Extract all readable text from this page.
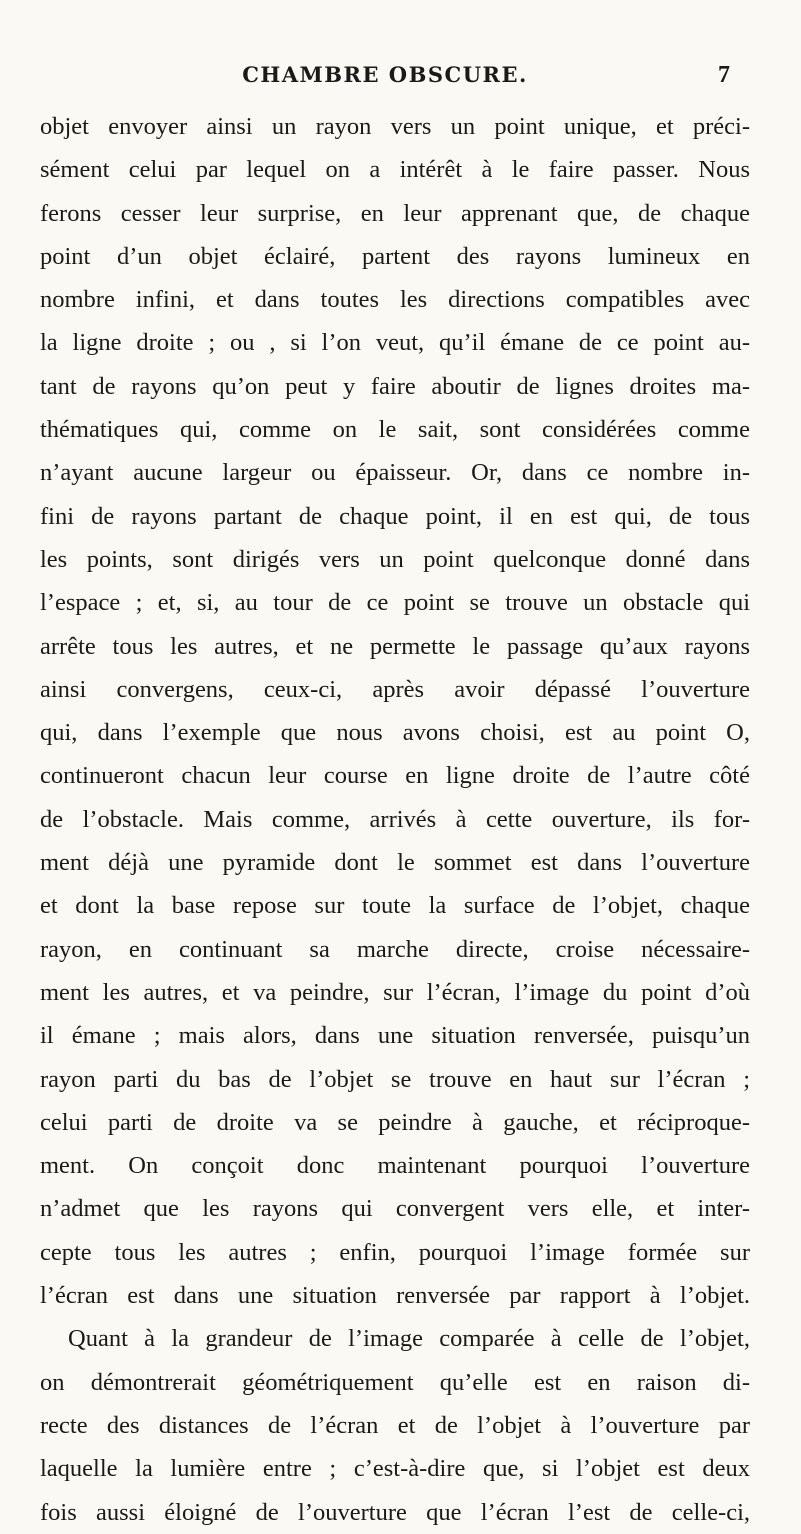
CHAMBRE OBSCURE.	7
objet envoyer ainsi un rayon vers un point unique, et préci-
sément celui par lequel on a intérêt à le faire passer. Nous
ferons cesser leur surprise, en leur apprenant que, de chaque
point d’un objet éclairé, partent des rayons lumineux en
nombre infini, et dans toutes les directions compatibles avec
la ligne droite ; ou , si l’on veut, qu’il émane de ce point au-
tant de rayons qu’on peut y faire aboutir de lignes droites ma-
thématiques qui, comme on le sait, sont considérées comme
n’ayant aucune largeur ou épaisseur. Or, dans ce nombre in-
fini de rayons partant de chaque point, il en est qui, de tous
les points, sont dirigés vers un point quelconque donné dans
l’espace ; et, si, au tour de ce point se trouve un obstacle qui
arrête tous les autres, et ne permette le passage qu’aux rayons
ainsi convergens, ceux-ci, après avoir dépassé l’ouverture
qui, dans l’exemple que nous avons choisi, est au point O,
continueront chacun leur course en ligne droite de l’autre côté
de l’obstacle. Mais comme, arrivés à cette ouverture, ils for-
ment déjà une pyramide dont le sommet est dans l’ouverture
et dont la base repose sur toute la surface de l’objet, chaque
rayon, en continuant sa marche directe, croise nécessaire-
ment les autres, et va peindre, sur l’écran, l’image du point d’où
il émane ; mais alors, dans une situation renversée, puisqu’un
rayon parti du bas de l’objet se trouve en haut sur l’écran ;
celui parti de droite va se peindre à gauche, et réciproque-
ment. On conçoit donc maintenant pourquoi l’ouverture
n’admet que les rayons qui convergent vers elle, et inter-
cepte tous les autres ; enfin, pourquoi l’image formée sur
l’écran est dans une situation renversée par rapport à l’objet.
Quant à la grandeur de l’image comparée à celle de l’objet,
on démontrerait géométriquement qu’elle est en raison di-
recte des distances de l’écran et de l’objet à l’ouverture par
laquelle la lumière entre ; c’est-à-dire que, si l’objet est deux
fois aussi éloigné de l’ouverture que l’écran l’est de celle-ci,
